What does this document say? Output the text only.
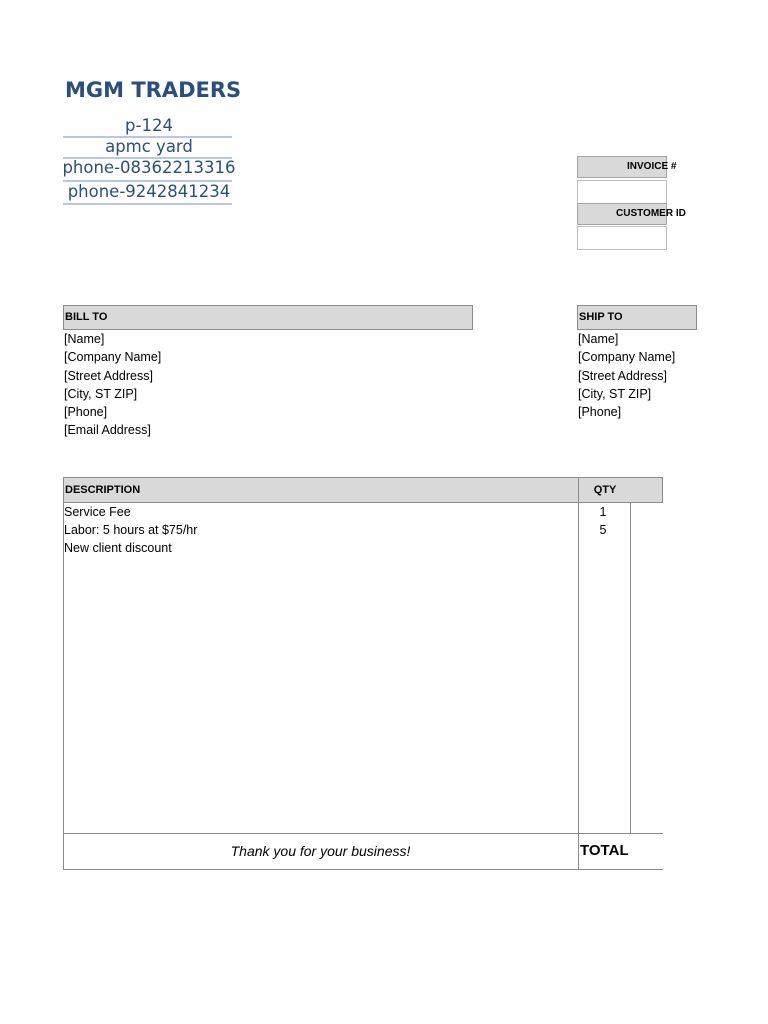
MGM TRADERS
p-124
apmc yard
phone-08362213316
phone-9242841234
INVOICE #
CUSTOMER ID
BILL TO
[Name]
[Company Name]
[Street Address]
[City, ST ZIP]
[Phone]
[Email Address]
SHIP TO
[Name]
[Company Name]
[Street Address]
[City, ST ZIP]
[Phone]
DESCRIPTION	QTY
Service Fee	1
Labor: 5 hours at $75/hr	5
New client discount
Thank you for your business!	TOTAL
